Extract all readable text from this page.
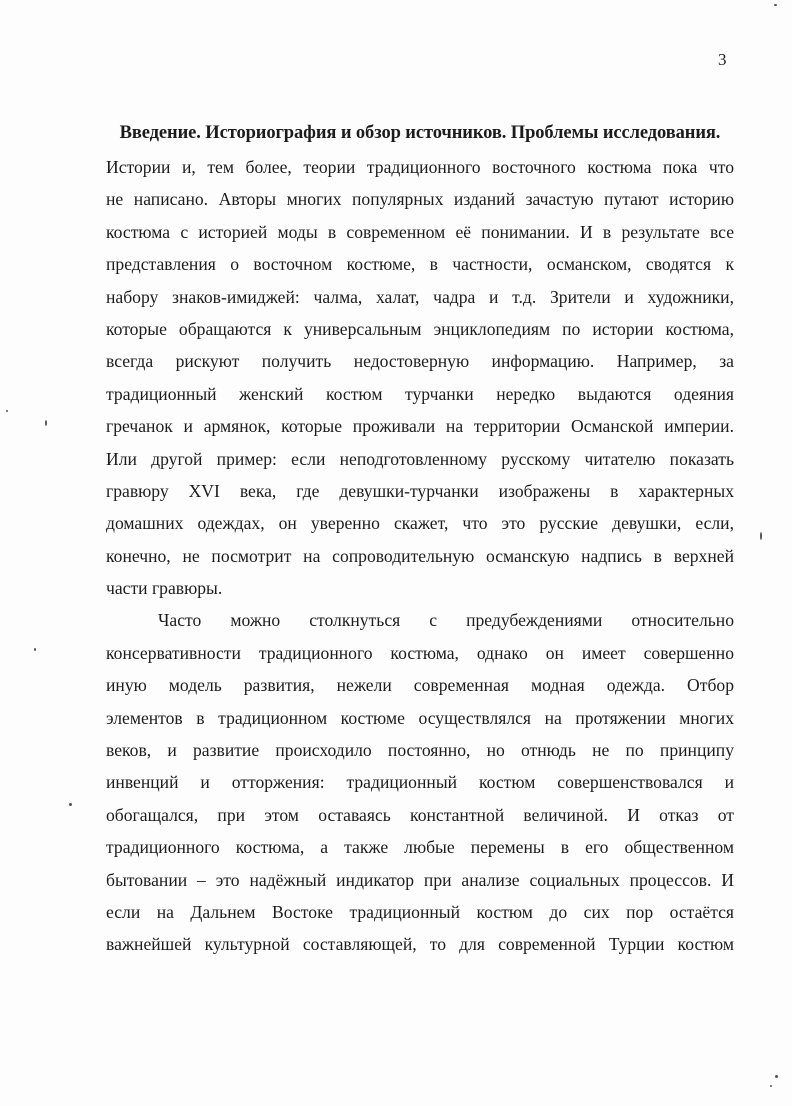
3
Введение. Историография и обзор источников. Проблемы исследования.
Истории и, тем более, теории традиционного восточного костюма пока что
не написано. Авторы многих популярных изданий зачастую путают историю
костюма с историей моды в современном её понимании. И в результате все
представления о восточном костюме, в частности, османском, сводятся к
набору знаков-имиджей: чалма, халат, чадра и т.д. Зрители и художники,
которые обращаются к универсальным энциклопедиям по истории костюма,
всегда рискуют получить недостоверную информацию. Например, за
традиционный женский костюм турчанки нередко выдаются одеяния
гречанок и армянок, которые проживали на территории Османской империи.
Или другой пример: если неподготовленному русскому читателю показать
гравюру XVI века, где девушки-турчанки изображены в характерных
домашних одеждах, он уверенно скажет, что это русские девушки, если,
конечно, не посмотрит на сопроводительную османскую надпись в верхней
части гравюры.
Часто можно столкнуться с предубеждениями относительно
консервативности традиционного костюма, однако он имеет совершенно
иную модель развития, нежели современная модная одежда. Отбор
элементов в традиционном костюме осуществлялся на протяжении многих
веков, и развитие происходило постоянно, но отнюдь не по принципу
инвенций и отторжения: традиционный костюм совершенствовался и
обогащался, при этом оставаясь константной величиной. И отказ от
традиционного костюма, а также любые перемены в его общественном
бытовании – это надёжный индикатор при анализе социальных процессов. И
если на Дальнем Востоке традиционный костюм до сих пор остаётся
важнейшей культурной составляющей, то для современной Турции костюм
